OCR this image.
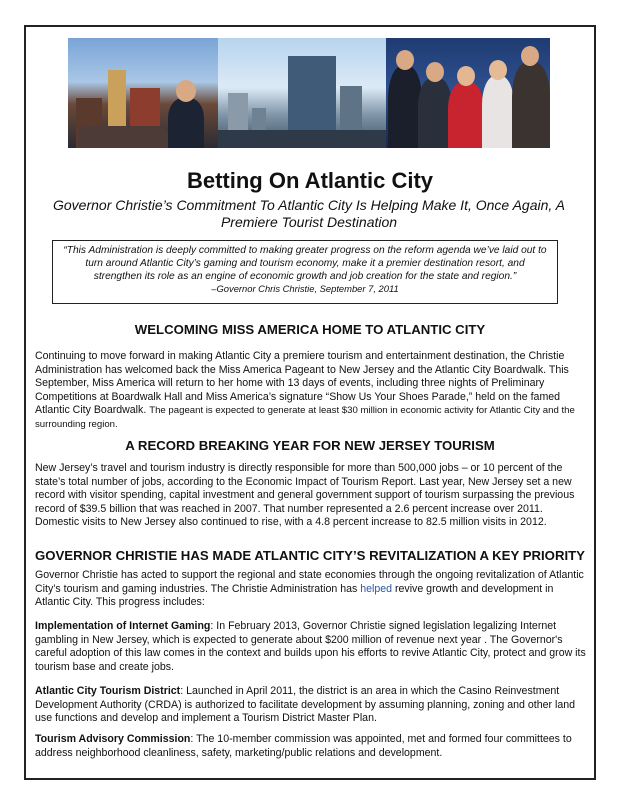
Betting On Atlantic City

Governor Christie’s Commitment To Atlantic City Is Helping Make It, Once Again, A Premiere Tourist Destination

“This Administration is deeply committed to making greater progress on the reform agenda we’ve laid out to turn around Atlantic City’s gaming and tourism economy, make it a premier destination resort, and strengthen its role as an engine of economic growth and job creation for the state and region.”
–Governor Chris Christie, September 7, 2011
WELCOMING MISS AMERICA HOME TO ATLANTIC CITY

Continuing to move forward in making Atlantic City a premiere tourism and entertainment destination, the Christie Administration has welcomed back the Miss America Pageant to New Jersey and the Atlantic City Boardwalk. This September, Miss America will return to her home with 13 days of events, including three nights of Preliminary Competitions at Boardwalk Hall and Miss America’s signature “Show Us Your Shoes Parade,” held on the famed Atlantic City Boardwalk. The pageant is expected to generate at least $30 million in economic activity for Atlantic City and the surrounding region.

A RECORD BREAKING YEAR FOR NEW JERSEY TOURISM

New Jersey’s travel and tourism industry is directly responsible for more than 500,000 jobs – or 10 percent of the state’s total number of jobs, according to the Economic Impact of Tourism Report. Last year, New Jersey set a new record with visitor spending, capital investment and general government support of tourism surpassing the previous record of $39.5 billion that was reached in 2007. That number represented a 2.6 percent increase over 2011. Domestic visits to New Jersey also continued to rise, with a 4.8 percent increase to 82.5 million visits in 2012.

GOVERNOR CHRISTIE HAS MADE ATLANTIC CITY’S REVITALIZATION A KEY PRIORITY

Governor Christie has acted to support the regional and state economies through the ongoing revitalization of Atlantic City’s tourism and gaming industries. The Christie Administration has helped revive growth and development in Atlantic City. This progress includes:

Implementation of Internet Gaming: In February 2013, Governor Christie signed legislation legalizing Internet gambling in New Jersey, which is expected to generate about $200 million of revenue next year . The Governor's careful adoption of this law comes in the context and builds upon his efforts to revive Atlantic City, protect and grow its tourism base and create jobs.

Atlantic City Tourism District: Launched in April 2011, the district is an area in which the Casino Reinvestment Development Authority (CRDA) is authorized to facilitate development by assuming planning, zoning and other land use functions and develop and implement a Tourism District Master Plan.

Tourism Advisory Commission: The 10-member commission was appointed, met and formed four committees to address neighborhood cleanliness, safety, marketing/public relations and development.
